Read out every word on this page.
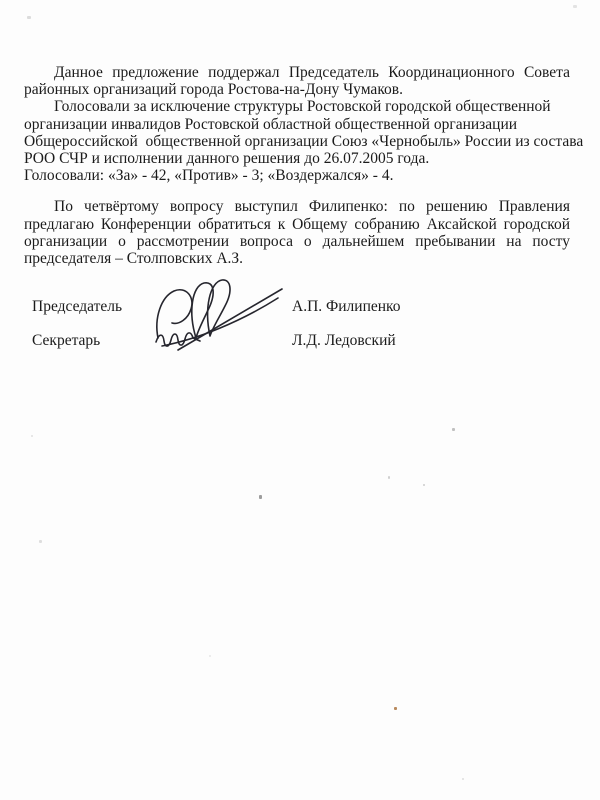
Данное предложение поддержал Председатель Координационного Совета
районных организаций города Ростова-на-Дону Чумаков.
Голосовали за исключение структуры Ростовской городской общественной
организации инвалидов Ростовской областной общественной организации
Общероссийской  общественной организации Союз «Чернобыль» России из состава
РОО СЧР и исполнении данного решения до 26.07.2005 года.
Голосовали: «За» - 42, «Против» - 3; «Воздержался» - 4.
По четвёртому вопросу выступил Филипенко: по решению Правления
предлагаю Конференции обратиться к Общему собранию Аксайской городской
организации о рассмотрении вопроса о дальнейшем пребывании на посту
председателя – Столповских А.З.
Председатель	А.П. Филипенко
Секретарь	Л.Д. Ледовский
